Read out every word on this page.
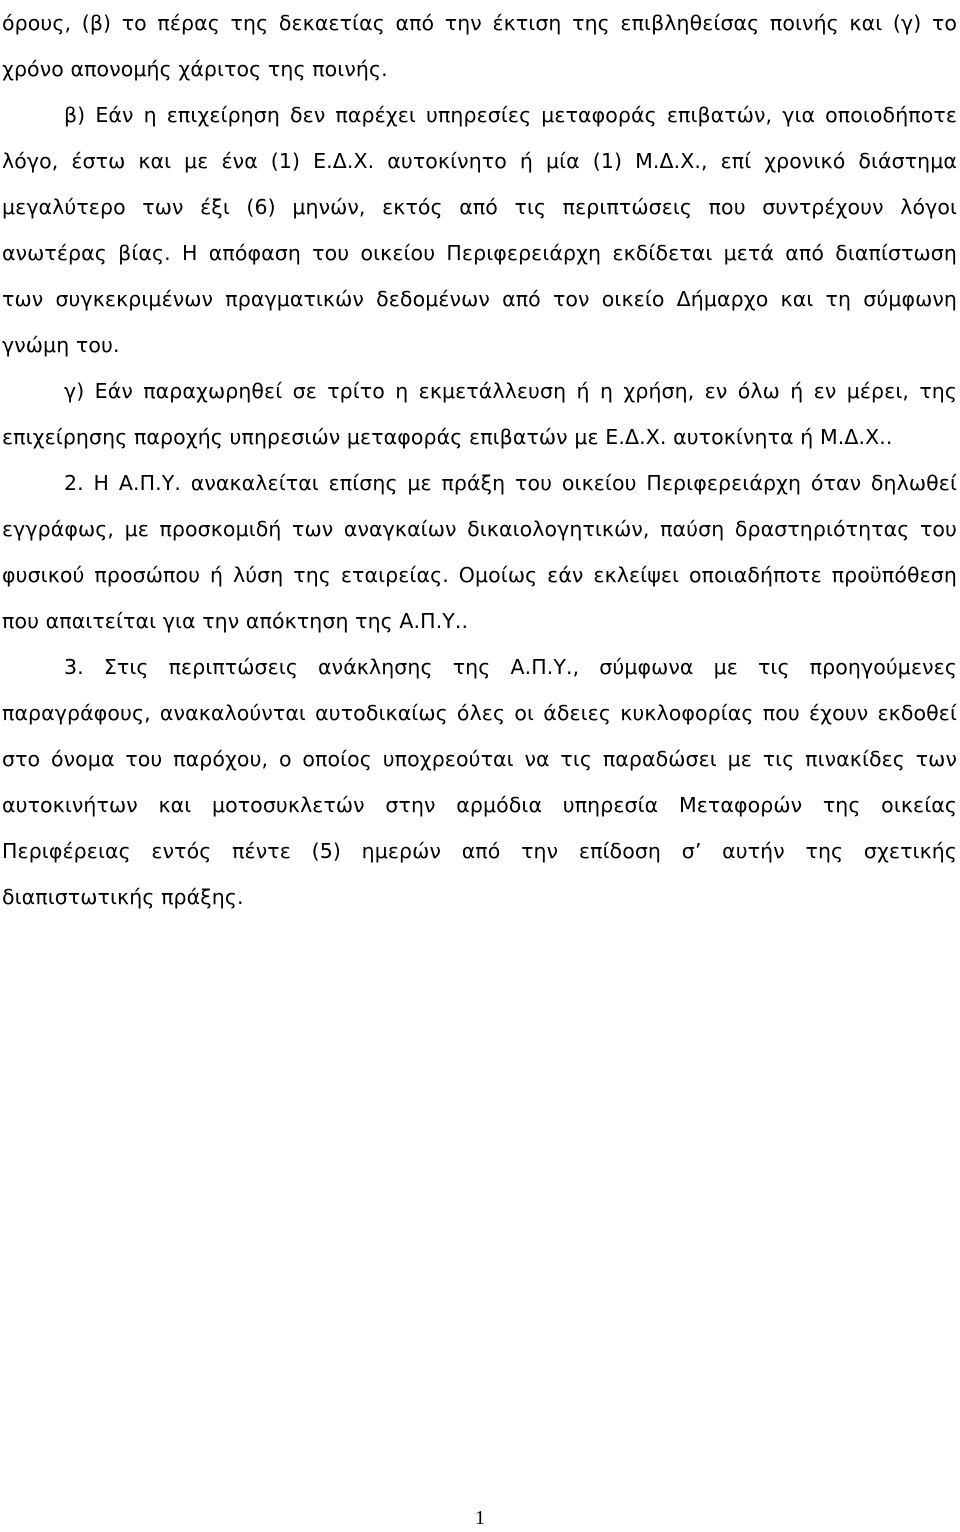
όρους, (β) το πέρας της δεκαετίας από την έκτιση της επιβληθείσας ποινής και (γ) το χρόνο απονομής χάριτος της ποινής.

β) Εάν η επιχείρηση δεν παρέχει υπηρεσίες μεταφοράς επιβατών, για οποιοδήποτε λόγο, έστω και με ένα (1) Ε.Δ.Χ. αυτοκίνητο ή μία (1) Μ.Δ.Χ., επί χρονικό διάστημα μεγαλύτερο των έξι (6) μηνών, εκτός από τις περιπτώσεις που συντρέχουν λόγοι ανωτέρας βίας. Η απόφαση του οικείου Περιφερειάρχη εκδίδεται μετά από διαπίστωση των συγκεκριμένων πραγματικών δεδομένων από τον οικείο Δήμαρχο και τη σύμφωνη γνώμη του.

γ) Εάν παραχωρηθεί σε τρίτο η εκμετάλλευση ή η χρήση, εν όλω ή εν μέρει, της επιχείρησης παροχής υπηρεσιών μεταφοράς επιβατών με Ε.Δ.Χ. αυτοκίνητα ή Μ.Δ.Χ..

2. Η Α.Π.Υ. ανακαλείται επίσης με πράξη του οικείου Περιφερειάρχη όταν δηλωθεί εγγράφως, με προσκομιδή των αναγκαίων δικαιολογητικών, παύση δραστηριότητας του φυσικού προσώπου ή λύση της εταιρείας. Ομοίως εάν εκλείψει οποιαδήποτε προϋπόθεση που απαιτείται για την απόκτηση της Α.Π.Υ..

3. Στις περιπτώσεις ανάκλησης της Α.Π.Υ., σύμφωνα με τις προηγούμενες παραγράφους, ανακαλούνται αυτοδικαίως όλες οι άδειες κυκλοφορίας που έχουν εκδοθεί στο όνομα του παρόχου, ο οποίος υποχρεούται να τις παραδώσει με τις πινακίδες των αυτοκινήτων και μοτοσυκλετών στην αρμόδια υπηρεσία Μεταφορών της οικείας Περιφέρειας εντός πέντε (5) ημερών από την επίδοση σ’ αυτήν της σχετικής διαπιστωτικής πράξης.

1
